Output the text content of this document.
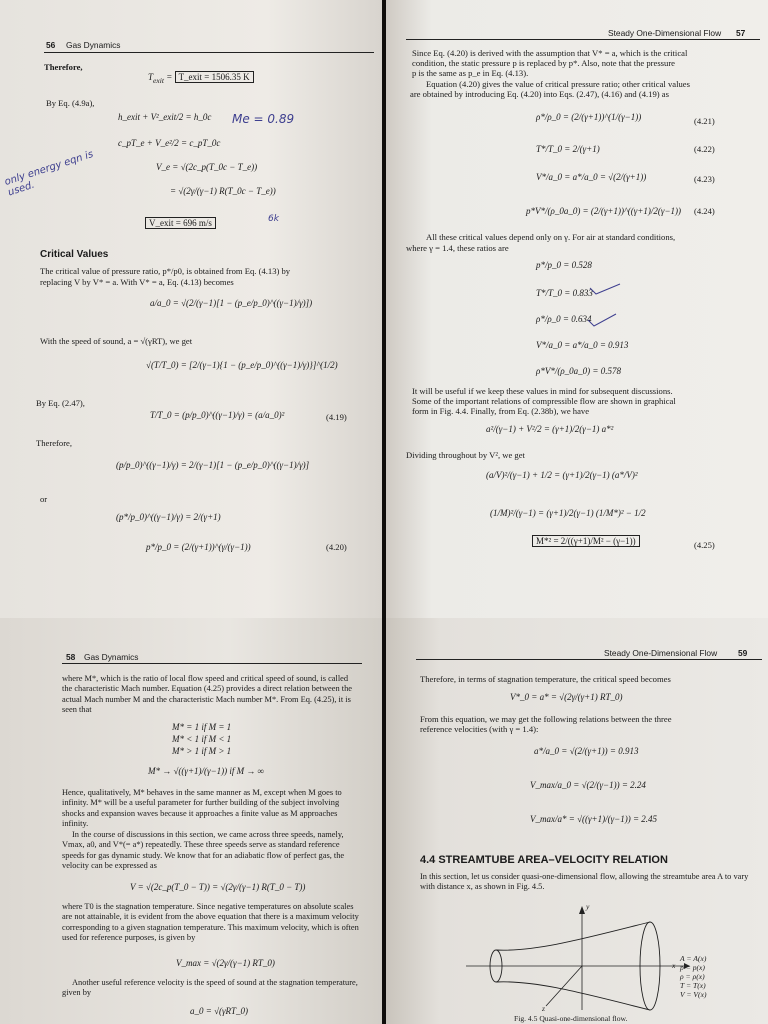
56 Gas Dynamics
Therefore,
$T_{exit}$ = T_exit = 1506.35 K
By Eq. (4.9a),
h_exit + V²_exit/2 = h_0c
c_pT_e + V_e²/2 = c_pT_0c
V_e = √(2c_p(T_0c − T_e))
= √(2γ/(γ−1) R(T_0c − T_e))
V_exit = 696 m/s
Me = 0.89
only energy eqn is used.
6k
Critical Values
The critical value of pressure ratio, p*/p0, is obtained from Eq. (4.13) by
replacing V by V* = a. With V* = a, Eq. (4.13) becomes
a/a_0 = √(2/(γ−1)[1 − (p_e/p_0)^((γ−1)/γ)])
With the speed of sound, a = √(γRT), we get
√(T/T_0) = [2/(γ−1){1 − (p_e/p_0)^((γ−1)/γ)}]^(1/2)
By Eq. (2.47),
T/T_0 = (p/p_0)^((γ−1)/γ) = (a/a_0)²	(4.19)
Therefore,
(p/p_0)^((γ−1)/γ) = 2/(γ−1)[1 − (p_e/p_0)^((γ−1)/γ)]
or
(p*/p_0)^((γ−1)/γ) = 2/(γ+1)
p*/p_0 = (2/(γ+1))^(γ/(γ−1))	(4.20)
Steady One-Dimensional Flow 57
Since Eq. (4.20) is derived with the assumption that V* = a, which is the critical
condition, the static pressure p is replaced by p*. Also, note that the pressure
p is the same as p_e in Eq. (4.13).
Equation (4.20) gives the value of critical pressure ratio; other critical values
are obtained by introducing Eq. (4.20) into Eqs. (2.47), (4.16) and (4.19) as
ρ*/ρ_0 = (2/(γ+1))^(1/(γ−1))	(4.21)
T*/T_0 = 2/(γ+1)	(4.22)
V*/a_0 = a*/a_0 = √(2/(γ+1))	(4.23)
p*V*/(ρ_0a_0) = (2/(γ+1))^((γ+1)/2(γ−1)) (4.24)
All these critical values depend only on γ. For air at standard conditions,
where γ = 1.4, these ratios are
p*/p_0 = 0.528
T*/T_0 = 0.833
ρ*/ρ_0 = 0.634
V*/a_0 = a*/a_0 = 0.913
ρ*V*/(ρ_0a_0) = 0.578
It will be useful if we keep these values in mind for subsequent discussions.
Some of the important relations of compressible flow are shown in graphical
form in Fig. 4.4. Finally, from Eq. (2.38b), we have
a²/(γ−1) + V²/2 = (γ+1)/2(γ−1) a*²
Dividing throughout by V², we get
(a/V)²/(γ−1) + 1/2 = (γ+1)/2(γ−1) (a*/V)²
(1/M)²/(γ−1) = (γ+1)/2(γ−1) (1/M*)² − 1/2
M*² = 2/((γ+1)/M² − (γ−1))	(4.25)
58 Gas Dynamics
where M*, which is the ratio of local flow speed and critical speed of sound, is called the characteristic Mach number. Equation (4.25) provides a direct relation between the actual Mach number M and the characteristic Mach number M*. From Eq. (4.25), it is seen that
M* = 1 if M = 1
M* < 1 if M < 1
M* > 1 if M > 1
M* → √((γ+1)/(γ−1)) if M → ∞
Hence, qualitatively, M* behaves in the same manner as M, except when M goes to infinity. M* will be a useful parameter for further building of the subject involving shocks and expansion waves because it approaches a finite value as M approaches infinity.
In the course of discussions in this section, we came across three speeds, namely, Vmax, a0, and V*(= a*) repeatedly. These three speeds serve as standard reference speeds for gas dynamic study. We know that for an adiabatic flow of perfect gas, the velocity can be expressed as
V = √(2c_p(T_0 − T)) = √(2γ/(γ−1) R(T_0 − T))
where T0 is the stagnation temperature. Since negative temperatures on absolute scales are not attainable, it is evident from the above equation that there is a maximum velocity corresponding to a given stagnation temperature. This maximum velocity, which is often used for reference purposes, is given by
V_max = √(2γ/(γ−1) RT_0)
Another useful reference velocity is the speed of sound at the stagnation temperature, given by
a_0 = √(γRT_0)
Steady One-Dimensional Flow 59
Therefore, in terms of stagnation temperature, the critical speed becomes
V*_0 = a* = √(2γ/(γ+1) RT_0)
From this equation, we may get the following relations between the three
reference velocities (with γ = 1.4):
a*/a_0 = √(2/(γ+1)) = 0.913
V_max/a_0 = √(2/(γ−1)) = 2.24
V_max/a* = √((γ+1)/(γ−1)) = 2.45
4.4 STREAMTUBE AREA–VELOCITY RELATION
In this section, let us consider quasi-one-dimensional flow, allowing the streamtube area A to vary with distance x, as shown in Fig. 4.5.
A = A(x)
p = p(x)
ρ = ρ(x)
T = T(x)
V = V(x)
x
y
z
Fig. 4.5 Quasi-one-dimensional flow.
